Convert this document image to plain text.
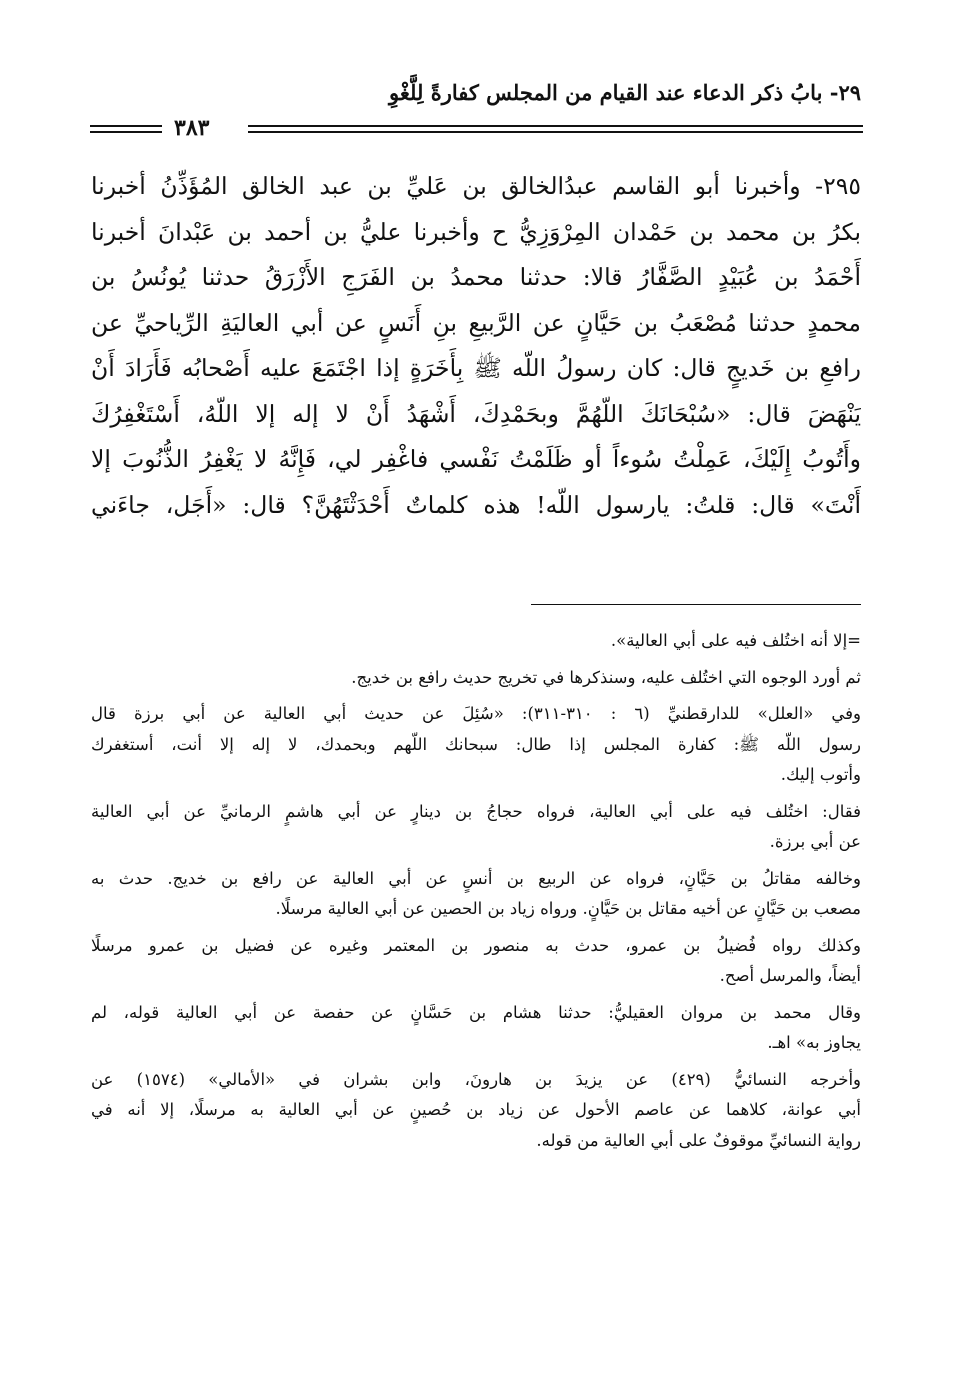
٢٩- بابُ ذكر الدعاء عند القيام من المجلس كفارةً لِلَّغْوِ
٣٨٣
٢٩٥- وأخبرنا أبو القاسم عبدُالخالق بن عَليِّ بن عبد الخالق المُؤَذِّنُ أخبرنا
بكرُ بن محمد بن حَمْدان المِرْوَزِيُّ ح وأخبرنا عليُّ بن أحمد بن عَبْدانَ أخبرنا
أَحْمَدُ بن عُبَيْدٍ الصَّفَّارُ قالا: حدثنا محمدُ بن الفَرَجِ الأَزْرَقُ حدثنا يُونُسُ بن
محمدٍ حدثنا مُصْعَبُ بن حَيَّانٍ عن الرَّبيعِ بنِ أَنَسٍ عن أبي العاليَةِ الرِّياحيِّ عن
رافعِ بن خَديجٍ قال: كان رسولُ اللّه ﷺ بِأَخَرَةٍ إذا اجْتَمَعَ عليه أَصْحابُه فَأَرَادَ أَنْ
يَنْهَضَ قال: «سُبْحَانَكَ اللّهُمَّ وبحَمْدِكَ، أَشْهَدُ أَنْ لا إله إلا اللّهُ، أَسْتَغْفِرُكَ
وأَتُوبُ إِلَيْكَ، عَمِلْتُ سُوءاً أو ظَلَمْتُ نَفْسي فاغْفِر لي، فَإِنَّهُ لا يَغْفِرُ الذُّنُوبَ إلا
أَنْتَ» قال: قلتُ: يارسول اللّه! هذه كلماتٌ أَحْدَثْتَهُنَّ؟ قال: «أَجَل، جاءَني
=إلا أنه اختُلف فيه على أبي العالية».
ثم أورد الوجوه التي اختُلف عليه، وسنذكرها في تخريج حديث رافع بن خديج.
وفي «العلل» للدارقطنيِّ (٦ : ٣١٠-٣١١): «سُئِلَ عن حديث أبي العالية عن أبي برزة قال
رسول اللّه ﷺ: كفارة المجلس إذا طال: سبحانك اللّهم وبحمدك، لا إله إلا أنت، أستغفرك
وأتوب إليك.
فقال: اختُلف فيه على أبي العالية، فرواه حجاجُ بن دينارٍ عن أبي هاشمٍ الرمانيِّ عن أبي العالية
عن أبي برزة.
وخالفه مقاتلُ بن حَيَّانٍ، فرواه عن الربيع بن أنسٍ عن أبي العالية عن رافع بن خديج. حدث به
مصعب بن حَيَّانٍ عن أخيه مقاتل بن حَيَّانٍ. ورواه زياد بن الحصين عن أبي العالية مرسلًا.
وكذلك رواه فُضيلُ بن عمرو، حدث به منصور بن المعتمر وغيره عن فضيل بن عمرو مرسلًا
أيضاً، والمرسل أصح.
وقال محمد بن مروان العقيليُّ: حدثنا هشام بن حَسَّانٍ عن حفصة عن أبي العالية قوله، لم
يجاوز به» اهـ.
وأخرجه النسائيُّ (٤٢٩) عن يزيدَ بن هارونَ، وابن بشران في «الأمالي» (١٥٧٤) عن
أبي عوانة، كلاهما عن عاصم الأحول عن زياد بن حُصينٍ عن أبي العالية به مرسلًا، إلا أنه في
رواية النسائيِّ موقوفٌ على أبي العالية من قوله.
